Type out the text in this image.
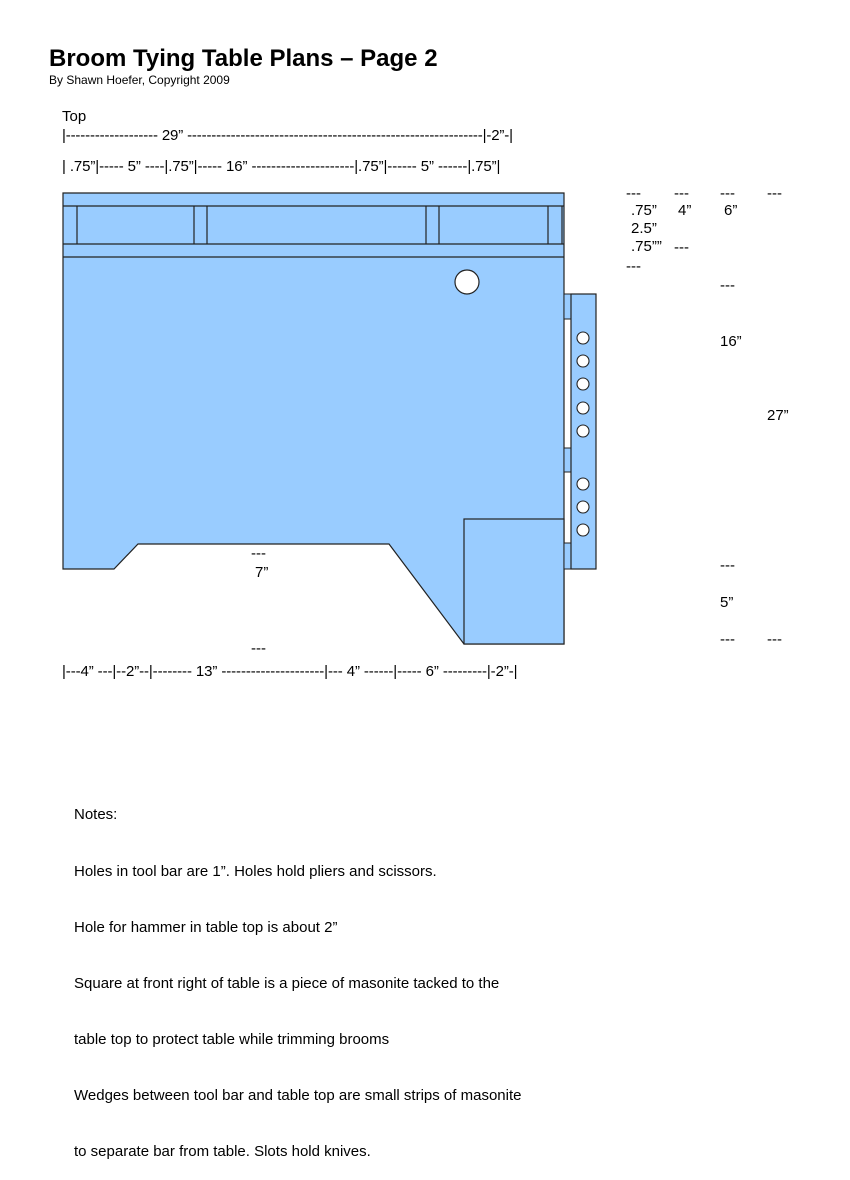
Broom Tying Table Plans – Page 2
By Shawn Hoefer, Copyright 2009
Top
|------------------- 29” -------------------------------------------------------------|-2”-|
| .75”|----- 5” ----|.75”|----- 16” ---------------------|.75”|------ 5” ------|.75”|
---
.75”
2.5”
.75””
---
---
4”
---
---
6”
---
16”
---
5”
---
---
27”
---
---
7”
---
|---4” ---|--2”--|-------- 13” ---------------------|--- 4” ------|----- 6” ---------|-2”-|

Notes:

Holes in tool bar are 1”. Holes hold pliers and scissors.

Hole for hammer in table top is about 2”

Square at front right of table is a piece of masonite tacked to the

table top to protect table while trimming brooms

Wedges between tool bar and table top are small strips of masonite

to separate bar from table. Slots hold knives.
